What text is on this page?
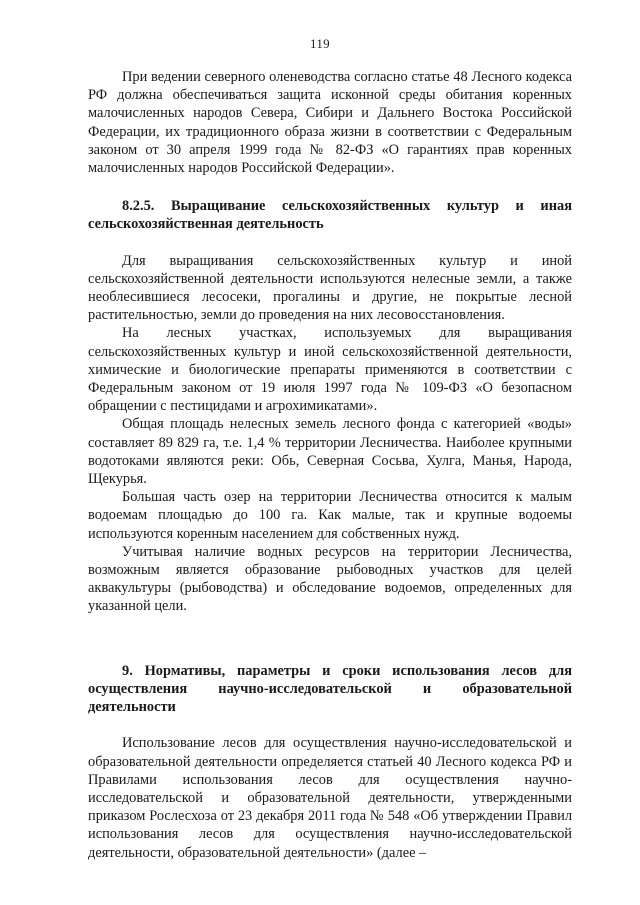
119

При ведении северного оленеводства согласно статье 48 Лесного кодекса РФ должна обеспечиваться защита исконной среды обитания коренных малочисленных народов Севера, Сибири и Дальнего Востока Российской Федерации, их традиционного образа жизни в соответствии с Федеральным законом от 30 апреля 1999 года № 82-ФЗ «О гарантиях прав коренных малочисленных народов Российской Федерации».

8.2.5. Выращивание сельскохозяйственных культур и иная сельскохозяйственная деятельность

Для выращивания сельскохозяйственных культур и иной сельскохозяйственной деятельности используются нелесные земли, а также необлесившиеся лесосеки, прогалины и другие, не покрытые лесной растительностью, земли до проведения на них лесовосстановления.

На лесных участках, используемых для выращивания сельскохозяйственных культур и иной сельскохозяйственной деятельности, химические и биологические препараты применяются в соответствии с Федеральным законом от 19 июля 1997 года № 109-ФЗ «О безопасном обращении с пестицидами и агрохимикатами».

Общая площадь нелесных земель лесного фонда с категорией «воды» составляет 89 829 га, т.е. 1,4 % территории Лесничества. Наиболее крупными водотоками являются реки: Обь, Северная Сосьва, Хулга, Манья, Народа, Щекурья.

Большая часть озер на территории Лесничества относится к малым водоемам площадью до 100 га. Как малые, так и крупные водоемы используются коренным населением для собственных нужд.

Учитывая наличие водных ресурсов на территории Лесничества, возможным является образование рыбоводных участков для целей аквакультуры (рыбоводства) и обследование водоемов, определенных для указанной цели.

9. Нормативы, параметры и сроки использования лесов для осуществления научно-исследовательской и образовательной деятельности

Использование лесов для осуществления научно-исследовательской и образовательной деятельности определяется статьей 40 Лесного кодекса РФ и Правилами использования лесов для осуществления научно-исследовательской и образовательной деятельности, утвержденными приказом Рослесхоза от 23 декабря 2011 года № 548 «Об утверждении Правил использования лесов для осуществления научно-исследовательской деятельности, образовательной деятельности» (далее –
